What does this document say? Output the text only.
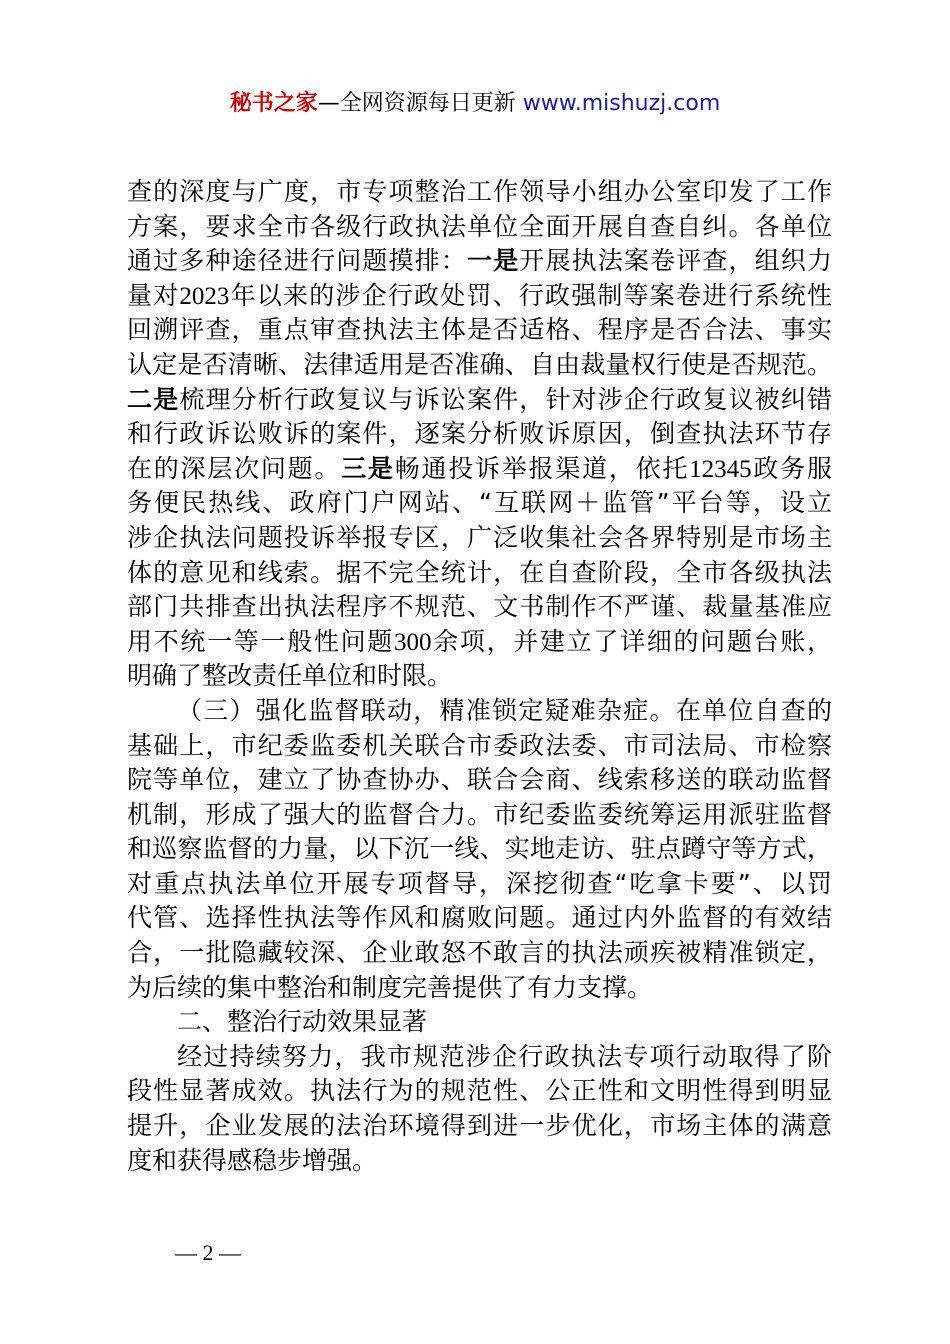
秘书之家—全网资源每日更新 www.mishuzj.com
查的深度与广度，市专项整治工作领导小组办公室印发了工作
方案，要求全市各级行政执法单位全面开展自查自纠。各单位
通过多种途径进行问题摸排：一是开展执法案卷评查，组织力
量对2023年以来的涉企行政处罚、行政强制等案卷进行系统性
回溯评查，重点审查执法主体是否适格、程序是否合法、事实
认定是否清晰、法律适用是否准确、自由裁量权行使是否规范。
二是梳理分析行政复议与诉讼案件，针对涉企行政复议被纠错
和行政诉讼败诉的案件，逐案分析败诉原因，倒查执法环节存
在的深层次问题。三是畅通投诉举报渠道，依托12345政务服
务便民热线、政府门户网站、“互联网＋监管”平台等，设立
涉企执法问题投诉举报专区，广泛收集社会各界特别是市场主
体的意见和线索。据不完全统计，在自查阶段，全市各级执法
部门共排查出执法程序不规范、文书制作不严谨、裁量基准应
用不统一等一般性问题300余项，并建立了详细的问题台账，
明确了整改责任单位和时限。
（三）强化监督联动，精准锁定疑难杂症。在单位自查的
基础上，市纪委监委机关联合市委政法委、市司法局、市检察
院等单位，建立了协查协办、联合会商、线索移送的联动监督
机制，形成了强大的监督合力。市纪委监委统筹运用派驻监督
和巡察监督的力量，以下沉一线、实地走访、驻点蹲守等方式，
对重点执法单位开展专项督导，深挖彻查“吃拿卡要”、以罚
代管、选择性执法等作风和腐败问题。通过内外监督的有效结
合，一批隐藏较深、企业敢怒不敢言的执法顽疾被精准锁定，
为后续的集中整治和制度完善提供了有力支撑。
二、整治行动效果显著
经过持续努力，我市规范涉企行政执法专项行动取得了阶
段性显著成效。执法行为的规范性、公正性和文明性得到明显
提升，企业发展的法治环境得到进一步优化，市场主体的满意
度和获得感稳步增强。
— 2 —
